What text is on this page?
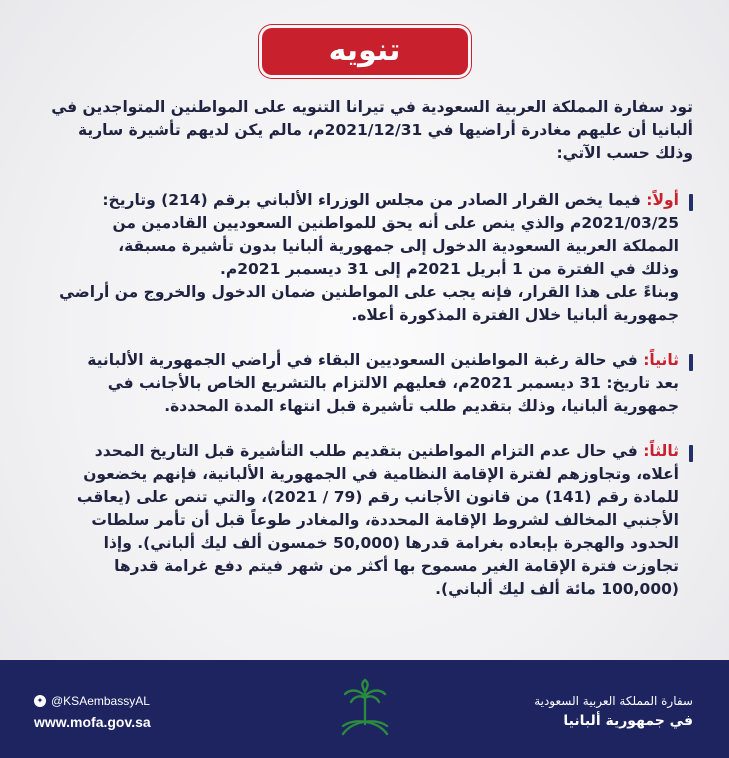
تنويه

تود سفارة المملكة العربية السعودية في تيرانا التنويه على المواطنين المتواجدين في ألبانيا أن عليهم مغادرة أراضيها في 2021/12/31م، مالم يكن لديهم تأشيرة سارية وذلك حسب الآتي:

أولاً: فيما يخص القرار الصادر من مجلس الوزراء الألباني برقم (214) وتاريخ:
2021/03/25م والذي ينص على أنه يحق للمواطنين السعوديين القادمين من
المملكة العربية السعودية الدخول إلى جمهورية ألبانيا بدون تأشيرة مسبقة،
وذلك في الفترة من 1 أبريل 2021م إلى 31 ديسمبر 2021م.
وبناءً على هذا القرار، فإنه يجب على المواطنين ضمان الدخول والخروج من أراضي
جمهورية ألبانيا خلال الفترة المذكورة أعلاه.
ثانياً: في حالة رغبة المواطنين السعوديين البقاء في أراضي الجمهورية الألبانية
بعد تاريخ: 31 ديسمبر 2021م، فعليهم الالتزام بالتشريع الخاص بالأجانب في
جمهورية ألبانيا، وذلك بتقديم طلب تأشيرة قبل انتهاء المدة المحددة.
ثالثاً: في حال عدم التزام المواطنين بتقديم طلب التأشيرة قبل التاريخ المحدد
أعلاه، وتجاوزهم لفترة الإقامة النظامية في الجمهورية الألبانية، فإنهم يخضعون
للمادة رقم (141) من قانون الأجانب رقم (79 / 2021)، والتي تنص على (يعاقب
الأجنبي المخالف لشروط الإقامة المحددة، والمغادر طوعاً قبل أن تأمر سلطات
الحدود والهجرة بإبعاده بغرامة قدرها (50,000 خمسون ألف ليك ألباني). وإذا
تجاوزت فترة الإقامة الغير مسموح بها أكثر من شهر فيتم دفع غرامة قدرها
(100,000 مائة ألف ليك ألباني).
✦ @KSAembassyAL
www.mofa.gov.sa
سفارة المملكة العربية السعودية
في جمهورية ألبانيا
